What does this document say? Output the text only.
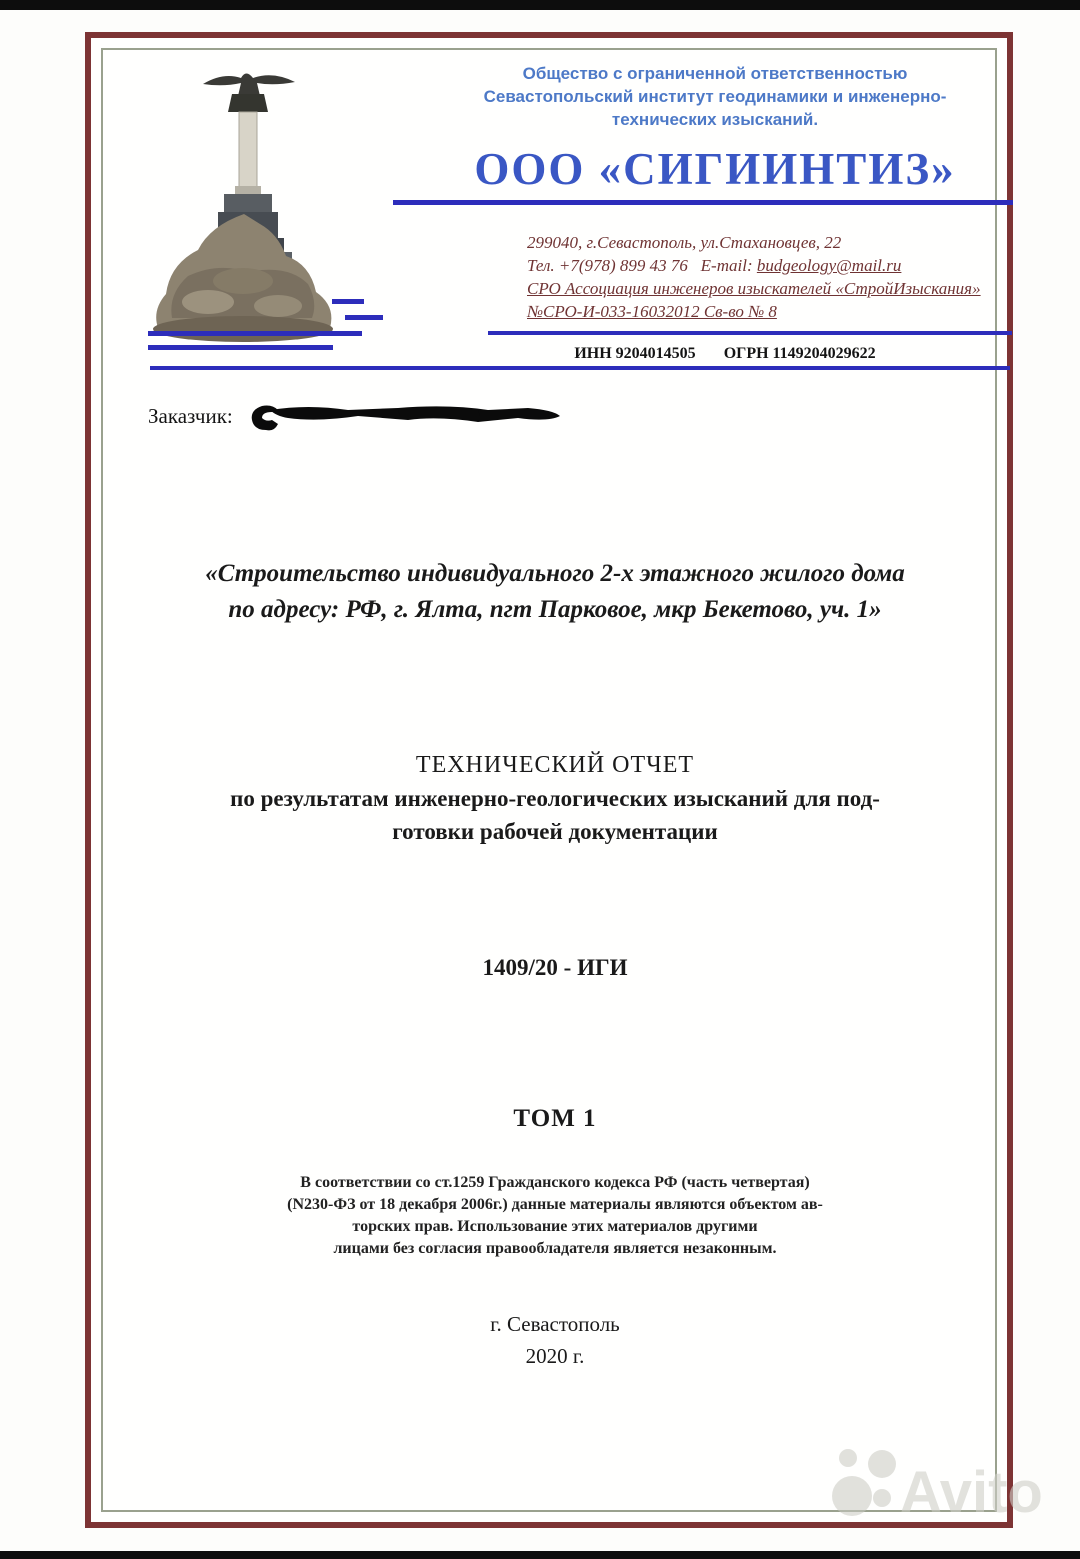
Общество с ограниченной ответственностью
Севастопольский институт геодинамики и инженерно-
технических изысканий.
ООО «СИГИИНТИЗ»
299040, г.Севастополь, ул.Стахановцев, 22
Тел. +7(978) 899 43 76 E-mail: budgeology@mail.ru
СРО Ассоциация инженеров изыскателей «СтройИзыскания»
№СРО-И-033-16032012 Св-во № 8
ИНН 9204014505 ОГРН 1149204029622
Заказчик:
«Строительство индивидуального 2-х этажного жилого дома
по адресу: РФ, г. Ялта, пгт Парковое, мкр Бекетово, уч. 1»
ТЕХНИЧЕСКИЙ ОТЧЕТ
по результатам инженерно-геологических изысканий для под-
готовки рабочей документации
1409/20 - ИГИ
ТОМ 1
В соответствии со ст.1259 Гражданского кодекса РФ (часть четвертая)
(N230-ФЗ от 18 декабря 2006г.) данные материалы являются объектом ав-
торских прав. Использование этих материалов другими
лицами без согласия правообладателя является незаконным.
г. Севастополь
2020 г.
Avito
